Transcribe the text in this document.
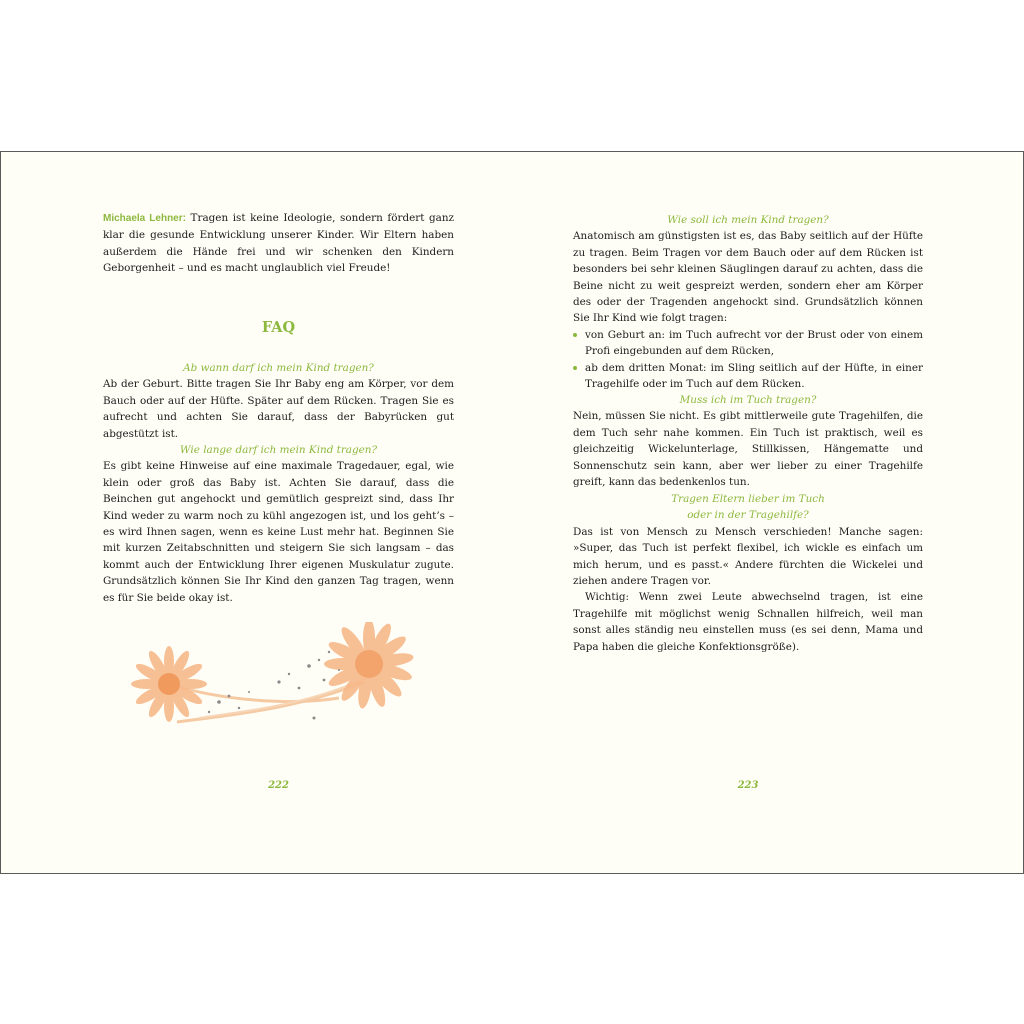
Michaela Lehner: Tragen ist keine Ideologie, sondern fördert ganz klar die gesunde Entwicklung unserer Kinder. Wir Eltern haben außerdem die Hände frei und wir schenken den Kindern Geborgenheit – und es macht unglaublich viel Freude!

FAQ

Ab wann darf ich mein Kind tragen?

Ab der Geburt. Bitte tragen Sie Ihr Baby eng am Körper, vor dem Bauch oder auf der Hüfte. Später auf dem Rücken. Tragen Sie es aufrecht und achten Sie darauf, dass der Babyrücken gut abgestützt ist.

Wie lange darf ich mein Kind tragen?

Es gibt keine Hinweise auf eine maximale Tragedauer, egal, wie klein oder groß das Baby ist. Achten Sie darauf, dass die Beinchen gut angehockt und gemütlich gespreizt sind, dass Ihr Kind weder zu warm noch zu kühl angezogen ist, und los geht’s – es wird Ihnen sagen, wenn es keine Lust mehr hat. Beginnen Sie mit kurzen Zeitabschnitten und steigern Sie sich langsam – das kommt auch der Entwicklung Ihrer eigenen Muskulatur zugute. Grundsätzlich können Sie Ihr Kind den ganzen Tag tragen, wenn es für Sie beide okay ist.

222

Wie soll ich mein Kind tragen?

Anatomisch am günstigsten ist es, das Baby seitlich auf der Hüfte zu tragen. Beim Tragen vor dem Bauch oder auf dem Rücken ist besonders bei sehr kleinen Säuglingen darauf zu achten, dass die Beine nicht zu weit gespreizt werden, sondern eher am Körper des oder der Tragenden angehockt sind. Grundsätzlich können Sie Ihr Kind wie folgt tragen:

von Geburt an: im Tuch aufrecht vor der Brust oder von einem Profi eingebunden auf dem Rücken,
ab dem dritten Monat: im Sling seitlich auf der Hüfte, in einer Tragehilfe oder im Tuch auf dem Rücken.

Muss ich im Tuch tragen?

Nein, müssen Sie nicht. Es gibt mittlerweile gute Tragehilfen, die dem Tuch sehr nahe kommen. Ein Tuch ist praktisch, weil es gleichzeitig Wickelunterlage, Stillkissen, Hängematte und Sonnenschutz sein kann, aber wer lieber zu einer Tragehilfe greift, kann das bedenkenlos tun.

Tragen Eltern lieber im Tuch

oder in der Tragehilfe?

Das ist von Mensch zu Mensch verschieden! Manche sagen: »Super, das Tuch ist perfekt flexibel, ich wickle es einfach um mich herum, und es passt.« Andere fürchten die Wickelei und ziehen andere Tragen vor.

Wichtig: Wenn zwei Leute abwechselnd tragen, ist eine Tragehilfe mit möglichst wenig Schnallen hilfreich, weil man sonst alles ständig neu einstellen muss (es sei denn, Mama und Papa haben die gleiche Konfektionsgröße).

223
